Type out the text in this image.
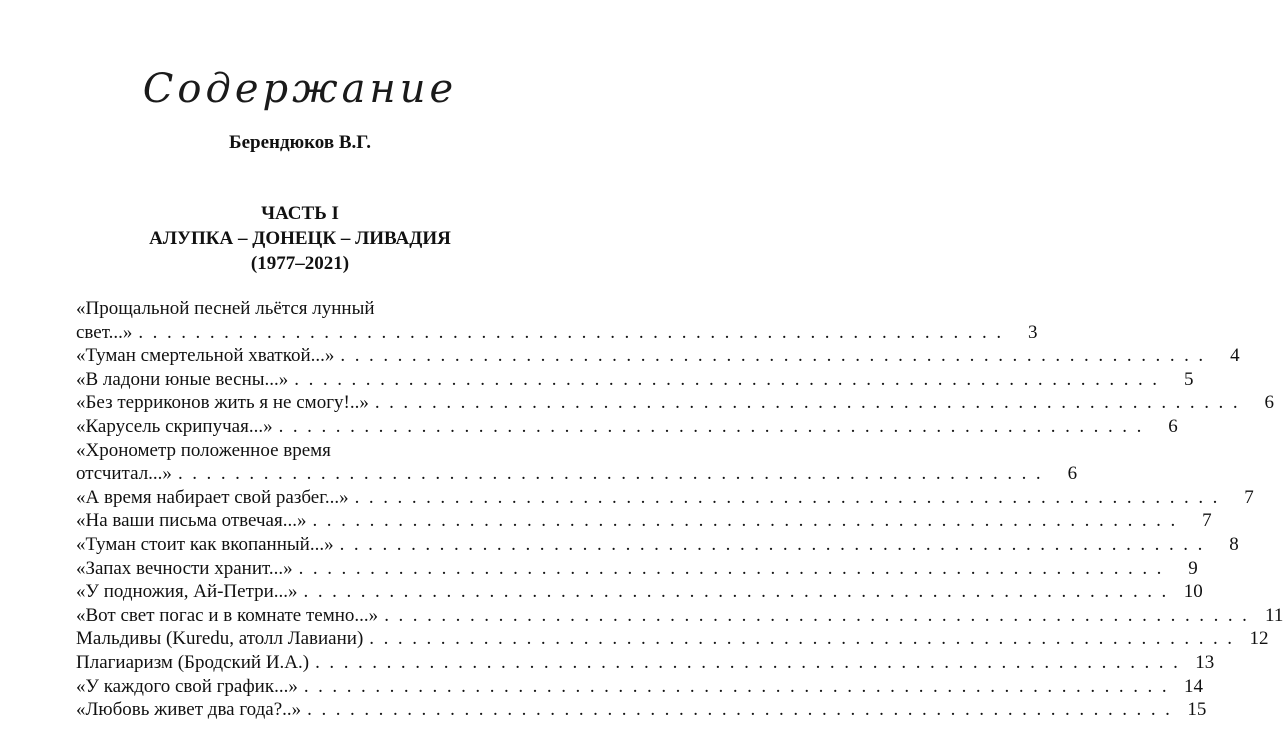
Содержание
Берендюков В.Г.
ЧАСТЬ I
АЛУПКА – ДОНЕЦК – ЛИВАДИЯ
(1977–2021)
«Прощальной песней льётся лунный
свет...» . . . . . . . . . . . . . . . . . . . . . . . . . . . . . . . . . . . . . . . . . . . . . . . . . . . . . . . . . . . . .	3
«Туман смертельной хваткой...» . . . . . . . . . . . . . . . . . . . . . . . . . . . . . . . . . . . . . . . . . . . . . . . . . . . . . . . . . . . . .	4
«В ладони юные весны...» . . . . . . . . . . . . . . . . . . . . . . . . . . . . . . . . . . . . . . . . . . . . . . . . . . . . . . . . . . . . .	5
«Без терриконов жить я не смогу!..» . . . . . . . . . . . . . . . . . . . . . . . . . . . . . . . . . . . . . . . . . . . . . . . . . . . . . . . . . . . . .	6
«Карусель скрипучая...» . . . . . . . . . . . . . . . . . . . . . . . . . . . . . . . . . . . . . . . . . . . . . . . . . . . . . . . . . . . . .	6
«Хронометр положенное время
отсчитал...» . . . . . . . . . . . . . . . . . . . . . . . . . . . . . . . . . . . . . . . . . . . . . . . . . . . . . . . . . . . . .	6
«А время набирает свой разбег...» . . . . . . . . . . . . . . . . . . . . . . . . . . . . . . . . . . . . . . . . . . . . . . . . . . . . . . . . . . . . .	7
«На ваши письма отвечая...» . . . . . . . . . . . . . . . . . . . . . . . . . . . . . . . . . . . . . . . . . . . . . . . . . . . . . . . . . . . . .	7
«Туман стоит как вкопанный...» . . . . . . . . . . . . . . . . . . . . . . . . . . . . . . . . . . . . . . . . . . . . . . . . . . . . . . . . . . . . .	8
«Запах вечности хранит...» . . . . . . . . . . . . . . . . . . . . . . . . . . . . . . . . . . . . . . . . . . . . . . . . . . . . . . . . . . . . .	9
«У подножия, Ай-Петри...» . . . . . . . . . . . . . . . . . . . . . . . . . . . . . . . . . . . . . . . . . . . . . . . . . . . . . . . . . . . . . 10
«Вот свет погас и в комнате темно...» . . . . . . . . . . . . . . . . . . . . . . . . . . . . . . . . . . . . . . . . . . . . . . . . . . . . . . . . . . . . . 11
Мальдивы (Kuredu, атолл Лавиани) . . . . . . . . . . . . . . . . . . . . . . . . . . . . . . . . . . . . . . . . . . . . . . . . . . . . . . . . . . . . . 12
Плагиаризм (Бродский И.А.) . . . . . . . . . . . . . . . . . . . . . . . . . . . . . . . . . . . . . . . . . . . . . . . . . . . . . . . . . . . . . 13
«У каждого свой график...» . . . . . . . . . . . . . . . . . . . . . . . . . . . . . . . . . . . . . . . . . . . . . . . . . . . . . . . . . . . . . 14
«Любовь живет два года?..» . . . . . . . . . . . . . . . . . . . . . . . . . . . . . . . . . . . . . . . . . . . . . . . . . . . . . . . . . . . . . 15
